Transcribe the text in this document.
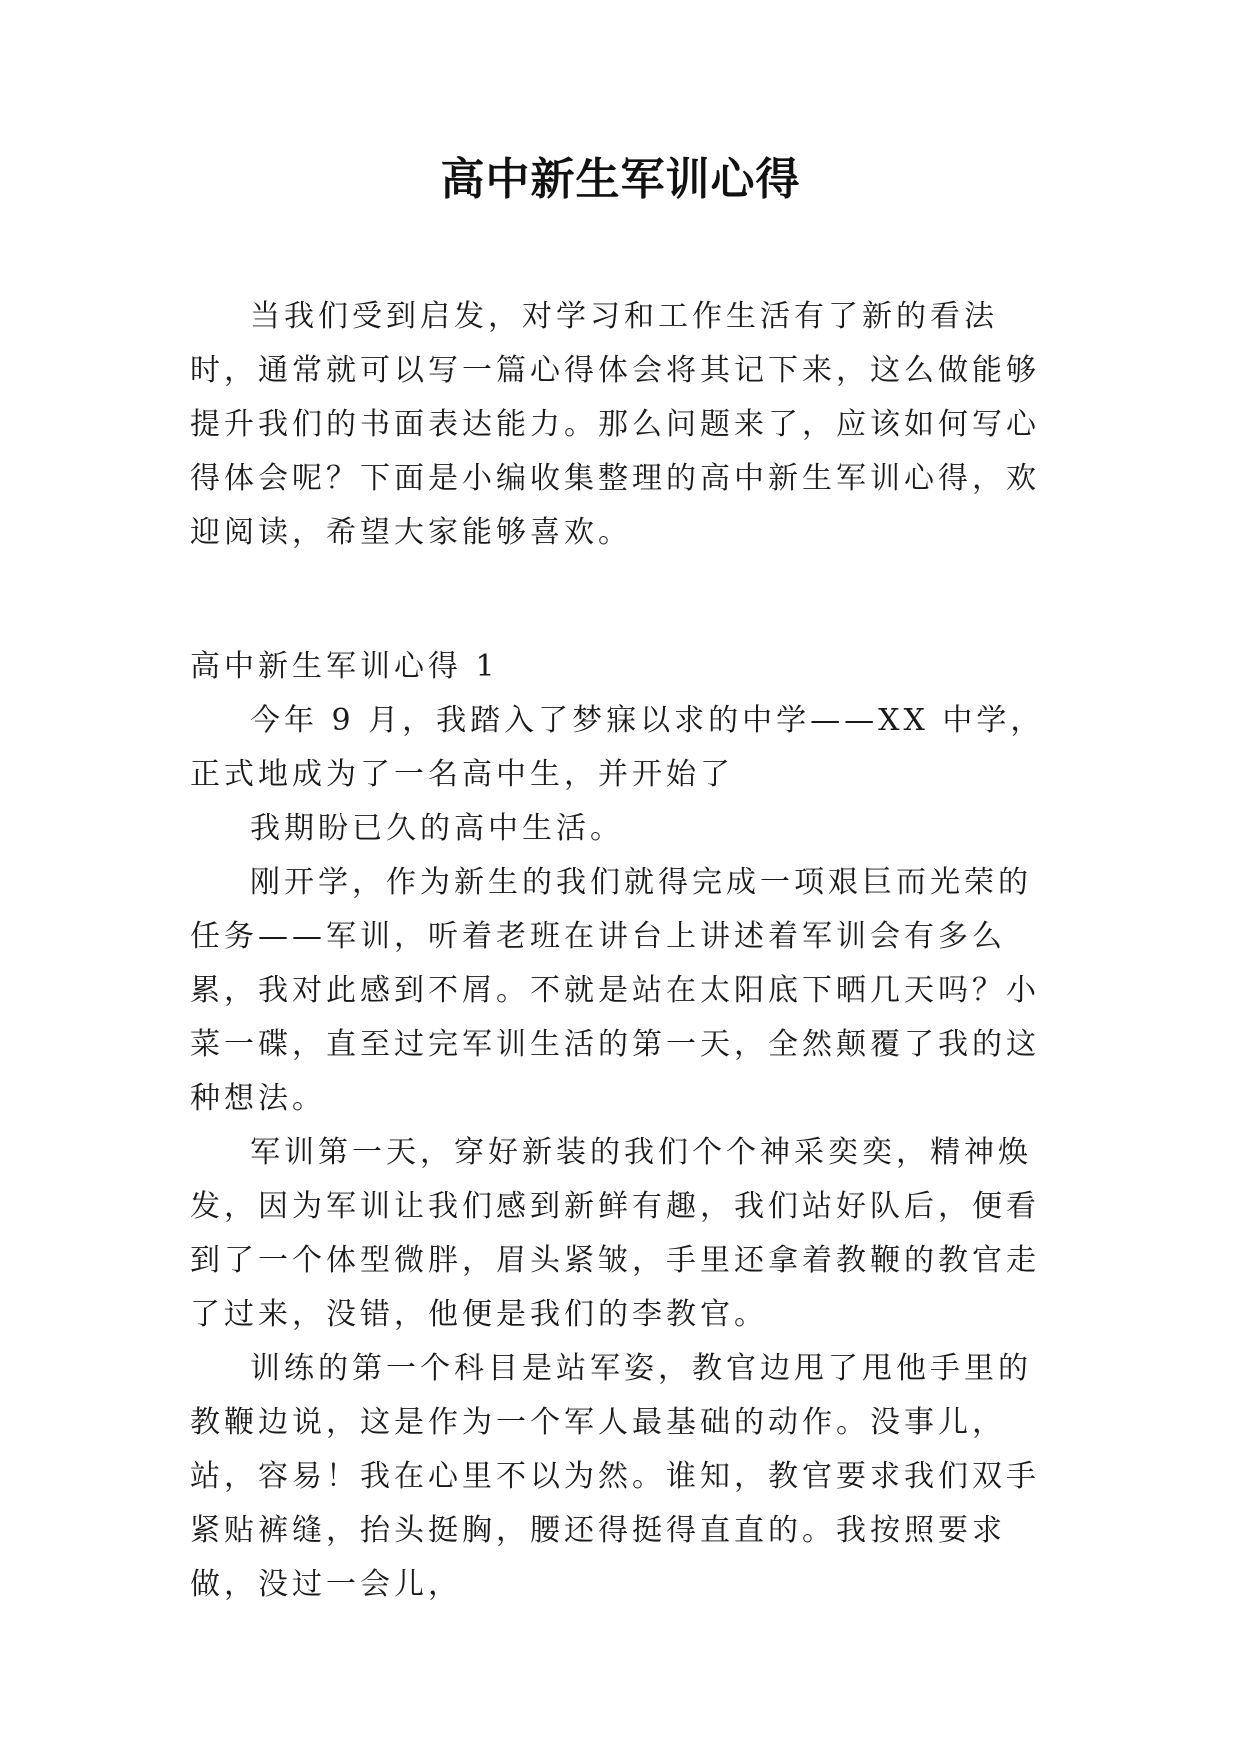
高中新生军训心得

当我们受到启发，对学习和工作生活有了新的看法时，通常就可以写一篇心得体会将其记下来，这么做能够提升我们的书面表达能力。那么问题来了，应该如何写心得体会呢？下面是小编收集整理的高中新生军训心得，欢迎阅读，希望大家能够喜欢。

高中新生军训心得 1

今年 9 月，我踏入了梦寐以求的中学——XX 中学，正式地成为了一名高中生，并开始了

我期盼已久的高中生活。

刚开学，作为新生的我们就得完成一项艰巨而光荣的任务——军训，听着老班在讲台上讲述着军训会有多么累，我对此感到不屑。不就是站在太阳底下晒几天吗？小菜一碟，直至过完军训生活的第一天，全然颠覆了我的这种想法。

军训第一天，穿好新装的我们个个神采奕奕，精神焕发，因为军训让我们感到新鲜有趣，我们站好队后，便看到了一个体型微胖，眉头紧皱，手里还拿着教鞭的教官走了过来，没错，他便是我们的李教官。

训练的第一个科目是站军姿，教官边甩了甩他手里的教鞭边说，这是作为一个军人最基础的动作。没事儿，站，容易！我在心里不以为然。谁知，教官要求我们双手紧贴裤缝，抬头挺胸，腰还得挺得直直的。我按照要求做，没过一会儿，
